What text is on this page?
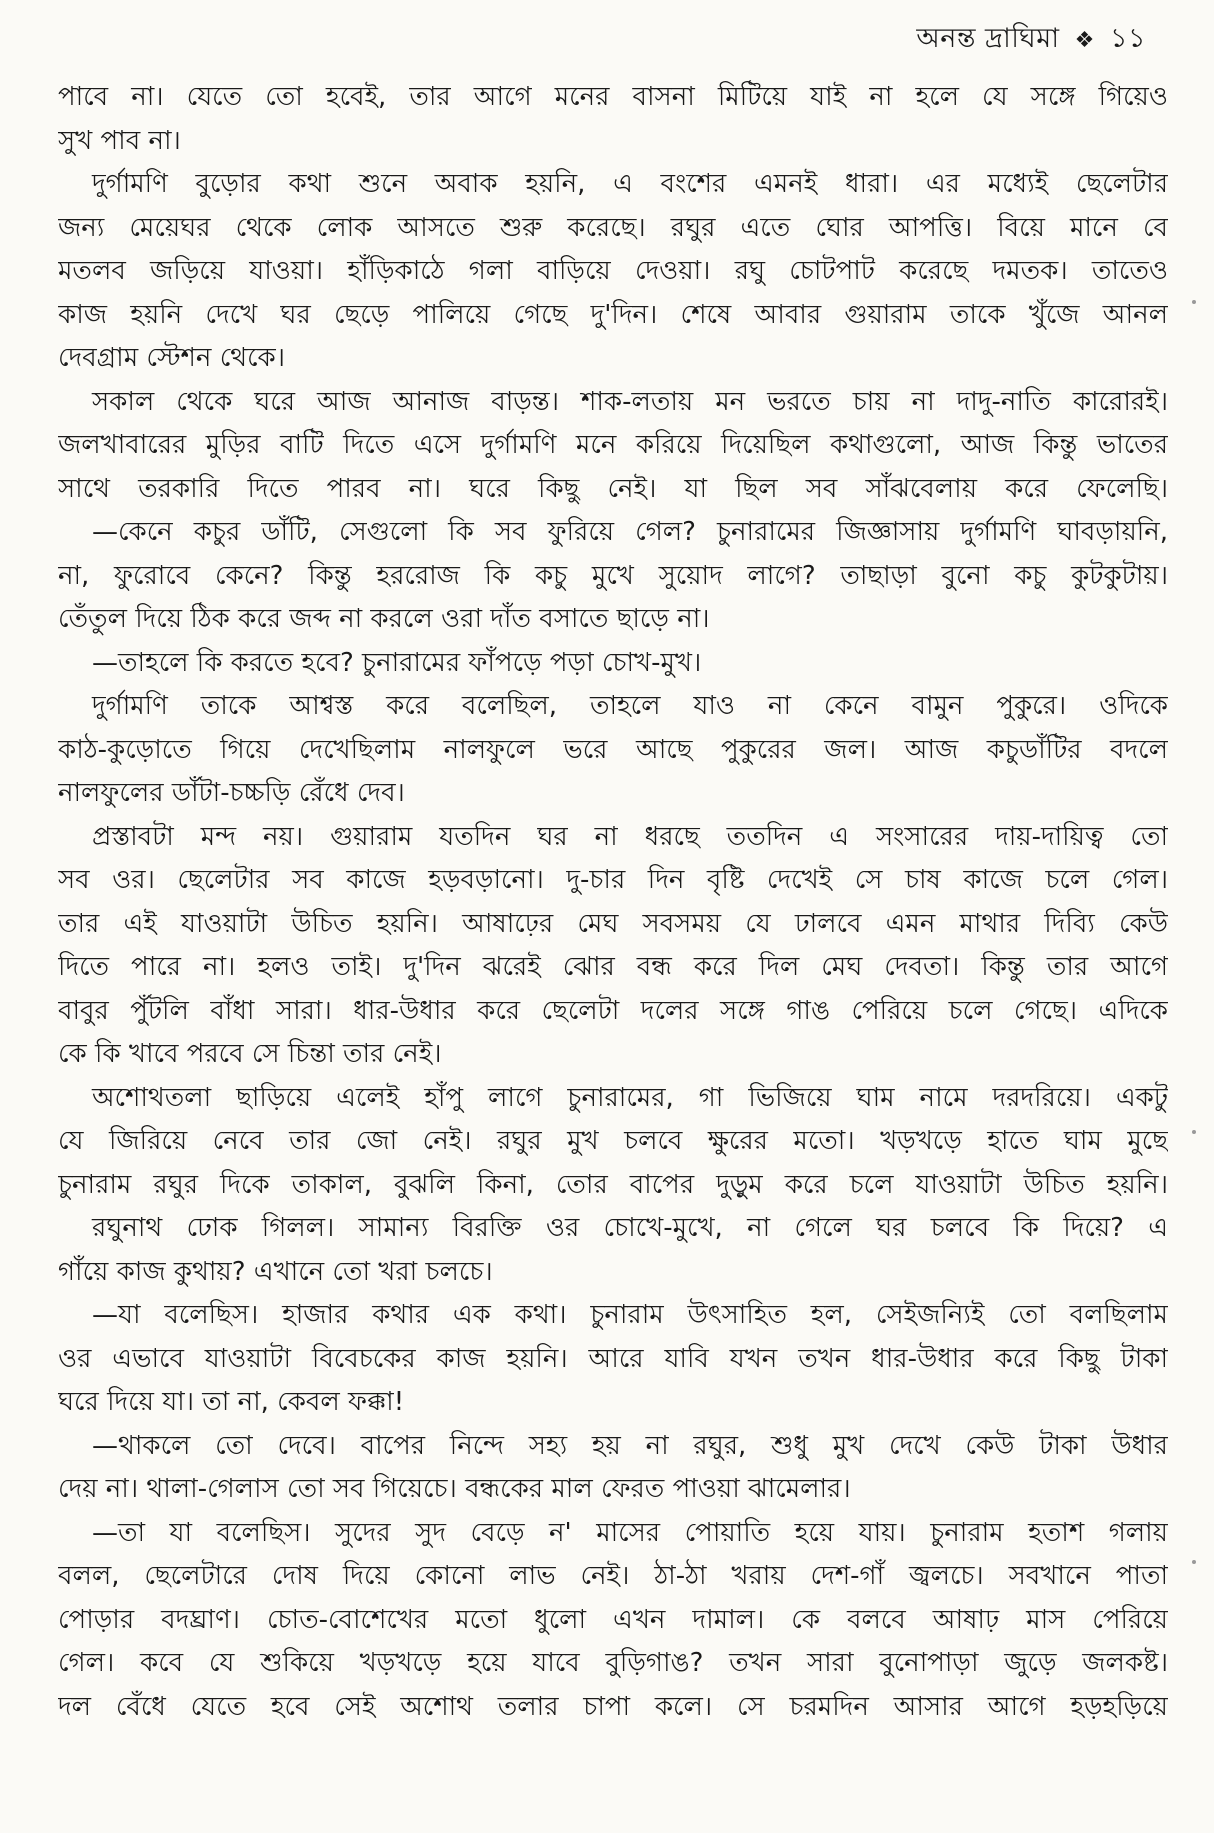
অনন্ত দ্রাঘিমা ❖ ১১
পাবে না। যেতে তো হবেই, তার আগে মনের বাসনা মিটিয়ে যাই না হলে যে সঙ্গে গিয়েও
সুখ পাব না।
দুর্গামণি বুড়োর কথা শুনে অবাক হয়নি, এ বংশের এমনই ধারা। এর মধ্যেই ছেলেটার
জন্য মেয়েঘর থেকে লোক আসতে শুরু করেছে। রঘুর এতে ঘোর আপত্তি। বিয়ে মানে বে
মতলব জড়িয়ে যাওয়া। হাঁড়িকাঠে গলা বাড়িয়ে দেওয়া। রঘু চোটপাট করেছে দমতক। তাতেও
কাজ হয়নি দেখে ঘর ছেড়ে পালিয়ে গেছে দু'দিন। শেষে আবার গুয়ারাম তাকে খুঁজে আনল
দেবগ্রাম স্টেশন থেকে।
সকাল থেকে ঘরে আজ আনাজ বাড়ন্ত। শাক-লতায় মন ভরতে চায় না দাদু-নাতি কারোরই।
জলখাবারের মুড়ির বাটি দিতে এসে দুর্গামণি মনে করিয়ে দিয়েছিল কথাগুলো, আজ কিন্তু ভাতের
সাথে তরকারি দিতে পারব না। ঘরে কিছু নেই। যা ছিল সব সাঁঝবেলায় করে ফেলেছি।
—কেনে কচুর ডাঁটি, সেগুলো কি সব ফুরিয়ে গেল? চুনারামের জিজ্ঞাসায় দুর্গামণি ঘাবড়ায়নি,
না, ফুরোবে কেনে? কিন্তু হররোজ কি কচু মুখে সুয়োদ লাগে? তাছাড়া বুনো কচু কুটকুটায়।
তেঁতুল দিয়ে ঠিক করে জব্দ না করলে ওরা দাঁত বসাতে ছাড়ে না।
—তাহলে কি করতে হবে? চুনারামের ফাঁপড়ে পড়া চোখ-মুখ।
দুর্গামণি তাকে আশ্বস্ত করে বলেছিল, তাহলে যাও না কেনে বামুন পুকুরে। ওদিকে
কাঠ-কুড়োতে গিয়ে দেখেছিলাম নালফুলে ভরে আছে পুকুরের জল। আজ কচুডাঁটির বদলে
নালফুলের ডাঁটা-চচ্চড়ি রেঁধে দেব।
প্রস্তাবটা মন্দ নয়। গুয়ারাম যতদিন ঘর না ধরছে ততদিন এ সংসারের দায়-দায়িত্ব তো
সব ওর। ছেলেটার সব কাজে হড়বড়ানো। দু-চার দিন বৃষ্টি দেখেই সে চাষ কাজে চলে গেল।
তার এই যাওয়াটা উচিত হয়নি। আষাঢ়ের মেঘ সবসময় যে ঢালবে এমন মাথার দিব্যি কেউ
দিতে পারে না। হলও তাই। দু'দিন ঝরেই ঝোর বন্ধ করে দিল মেঘ দেবতা। কিন্তু তার আগে
বাবুর পুঁটলি বাঁধা সারা। ধার-উধার করে ছেলেটা দলের সঙ্গে গাঙ পেরিয়ে চলে গেছে। এদিকে
কে কি খাবে পরবে সে চিন্তা তার নেই।
অশোথতলা ছাড়িয়ে এলেই হাঁপু লাগে চুনারামের, গা ভিজিয়ে ঘাম নামে দরদরিয়ে। একটু
যে জিরিয়ে নেবে তার জো নেই। রঘুর মুখ চলবে ক্ষুরের মতো। খড়খড়ে হাতে ঘাম মুছে
চুনারাম রঘুর দিকে তাকাল, বুঝলি কিনা, তোর বাপের দুড়ুম করে চলে যাওয়াটা উচিত হয়নি।
রঘুনাথ ঢোক গিলল। সামান্য বিরক্তি ওর চোখে-মুখে, না গেলে ঘর চলবে কি দিয়ে? এ
গাঁয়ে কাজ কুথায়? এখানে তো খরা চলচে।
—যা বলেছিস। হাজার কথার এক কথা। চুনারাম উৎসাহিত হল, সেইজন্যিই তো বলছিলাম
ওর এভাবে যাওয়াটা বিবেচকের কাজ হয়নি। আরে যাবি যখন তখন ধার-উধার করে কিছু টাকা
ঘরে দিয়ে যা। তা না, কেবল ফক্কা!
—থাকলে তো দেবে। বাপের নিন্দে সহ্য হয় না রঘুর, শুধু মুখ দেখে কেউ টাকা উধার
দেয় না। থালা-গেলাস তো সব গিয়েচে। বন্ধকের মাল ফেরত পাওয়া ঝামেলার।
—তা যা বলেছিস। সুদের সুদ বেড়ে ন' মাসের পোয়াতি হয়ে যায়। চুনারাম হতাশ গলায়
বলল, ছেলেটারে দোষ দিয়ে কোনো লাভ নেই। ঠা-ঠা খরায় দেশ-গাঁ জ্বলচে। সবখানে পাতা
পোড়ার বদঘ্রাণ। চোত-বোশেখের মতো ধুলো এখন দামাল। কে বলবে আষাঢ় মাস পেরিয়ে
গেল। কবে যে শুকিয়ে খড়খড়ে হয়ে যাবে বুড়িগাঙ? তখন সারা বুনোপাড়া জুড়ে জলকষ্ট।
দল বেঁধে যেতে হবে সেই অশোথ তলার চাপা কলে। সে চরমদিন আসার আগে হড়হড়িয়ে
